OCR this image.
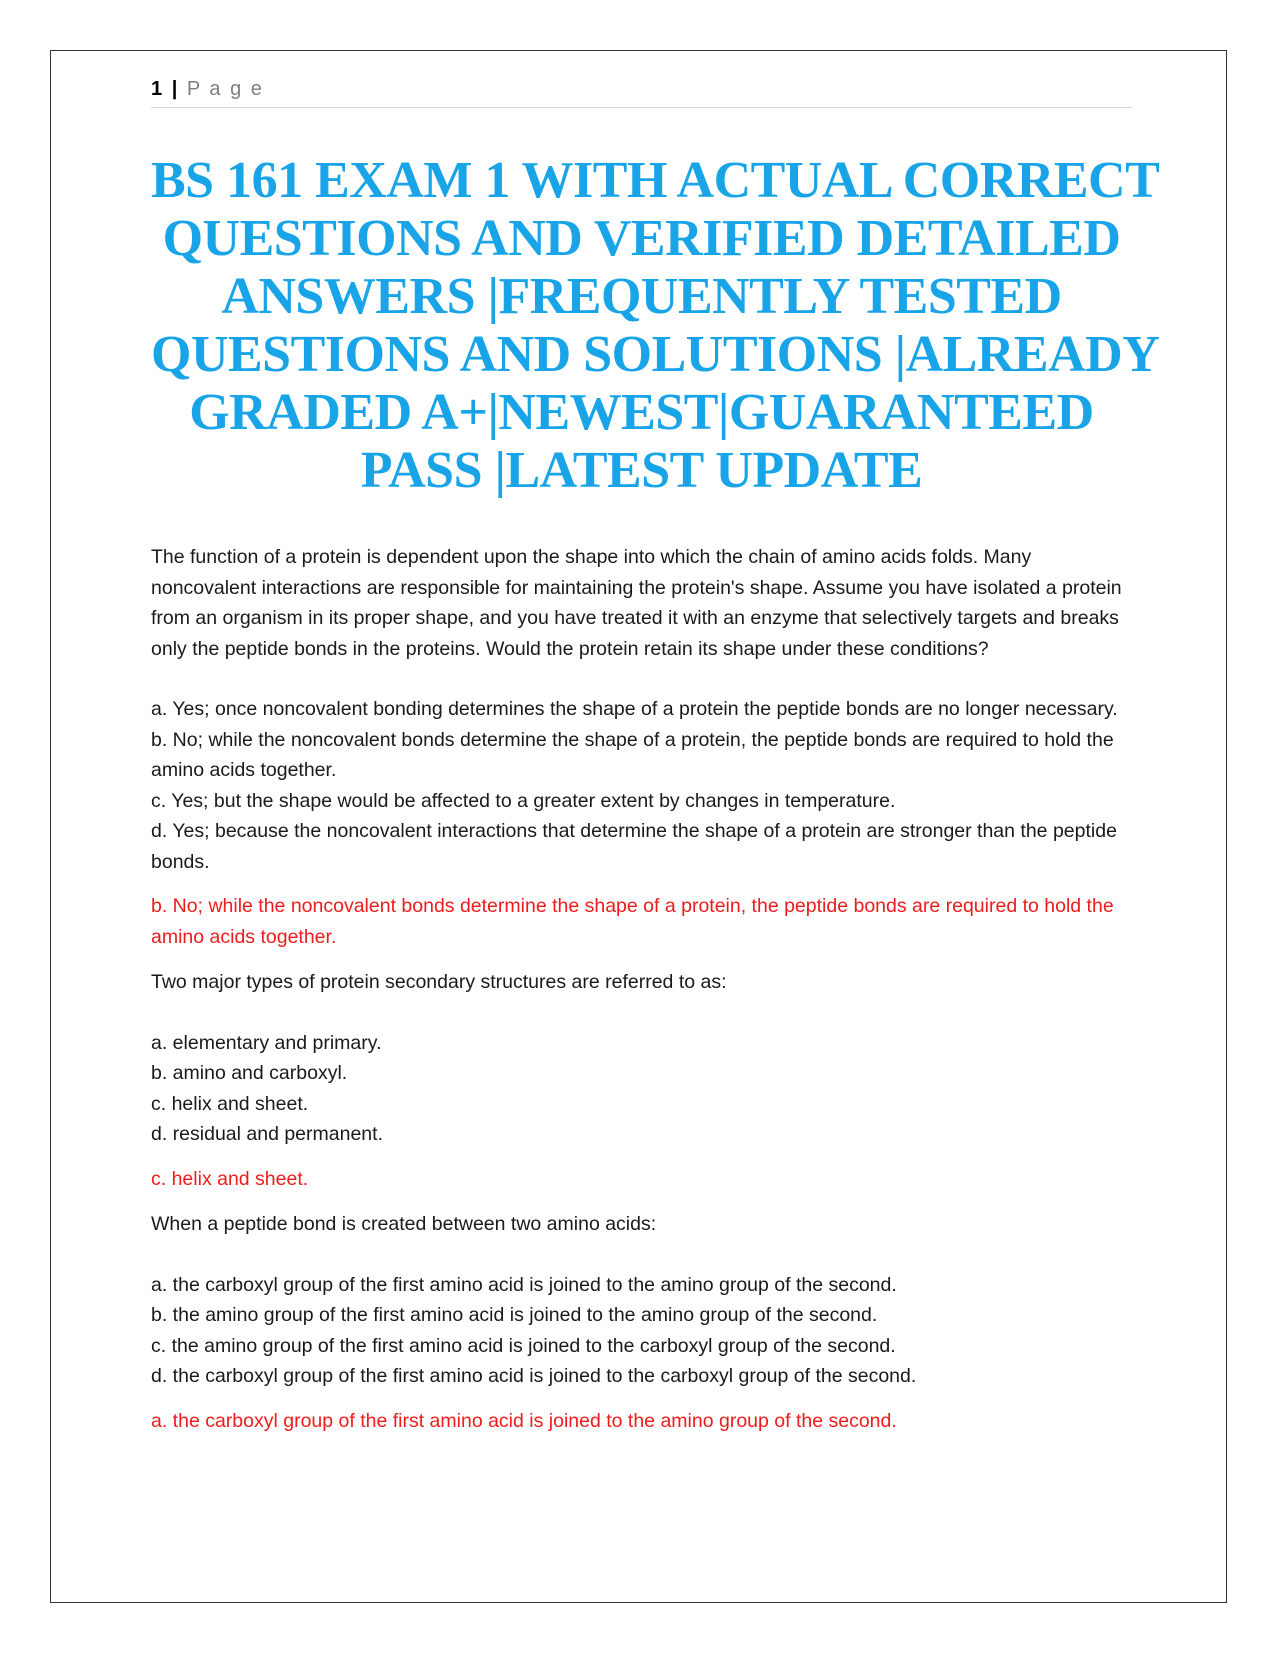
1 | P a g e
BS 161 EXAM 1 WITH ACTUAL CORRECT
QUESTIONS AND VERIFIED DETAILED
ANSWERS |FREQUENTLY TESTED
QUESTIONS AND SOLUTIONS |ALREADY
GRADED A+|NEWEST|GUARANTEED
PASS |LATEST UPDATE

The function of a protein is dependent upon the shape into which the chain of amino acids folds. Many noncovalent interactions are responsible for maintaining the protein's shape. Assume you have isolated a protein from an organism in its proper shape, and you have treated it with an enzyme that selectively targets and breaks only the peptide bonds in the proteins. Would the protein retain its shape under these conditions?

a. Yes; once noncovalent bonding determines the shape of a protein the peptide bonds are no longer necessary.

b. No; while the noncovalent bonds determine the shape of a protein, the peptide bonds are required to hold the amino acids together.

c. Yes; but the shape would be affected to a greater extent by changes in temperature.

d. Yes; because the noncovalent interactions that determine the shape of a protein are stronger than the peptide bonds.

b. No; while the noncovalent bonds determine the shape of a protein, the peptide bonds are required to hold the amino acids together.

Two major types of protein secondary structures are referred to as:

a. elementary and primary.

b. amino and carboxyl.

c. helix and sheet.

d. residual and permanent.

c. helix and sheet.

When a peptide bond is created between two amino acids:

a. the carboxyl group of the first amino acid is joined to the amino group of the second.

b. the amino group of the first amino acid is joined to the amino group of the second.

c. the amino group of the first amino acid is joined to the carboxyl group of the second.

d. the carboxyl group of the first amino acid is joined to the carboxyl group of the second.

a. the carboxyl group of the first amino acid is joined to the amino group of the second.
